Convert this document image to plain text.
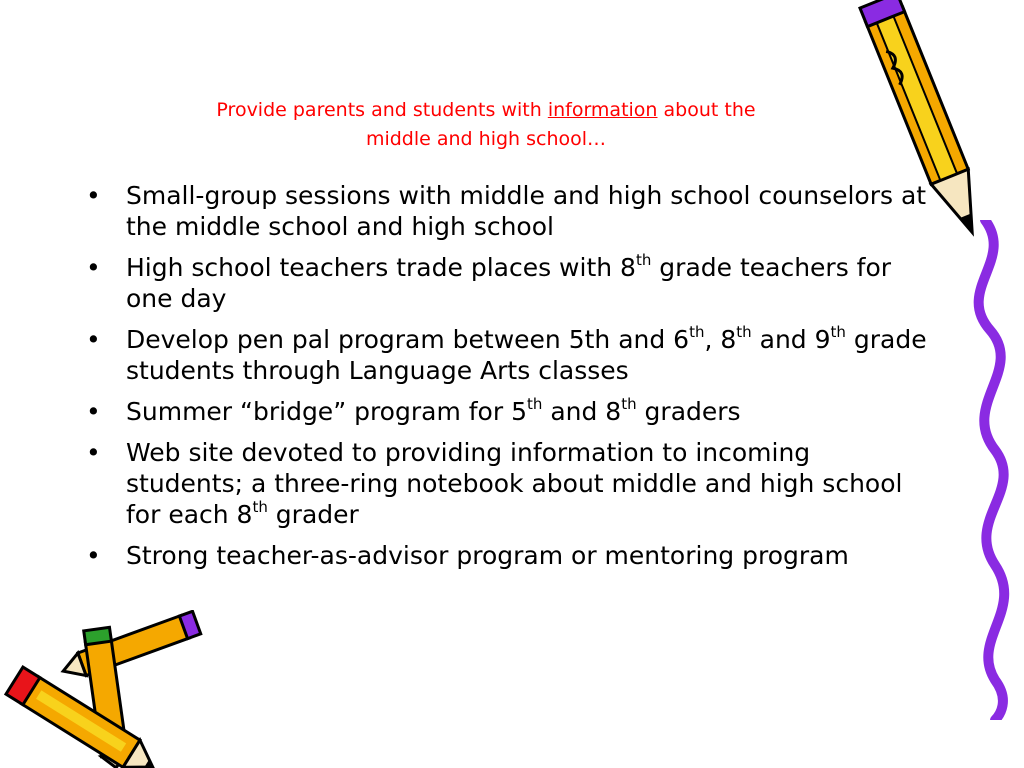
Provide parents and students with information about the
middle and high school…
• Small-group sessions with middle and high school counselors at the middle school and high school
• High school teachers trade places with 8th grade teachers for one day
• Develop pen pal program between 5th and 6th, 8th and 9th grade students through Language Arts classes
• Summer “bridge” program for 5th and 8th graders
• Web site devoted to providing information to incoming students; a three-ring notebook about middle and high school for each 8th grader
• Strong teacher-as-advisor program or mentoring program
